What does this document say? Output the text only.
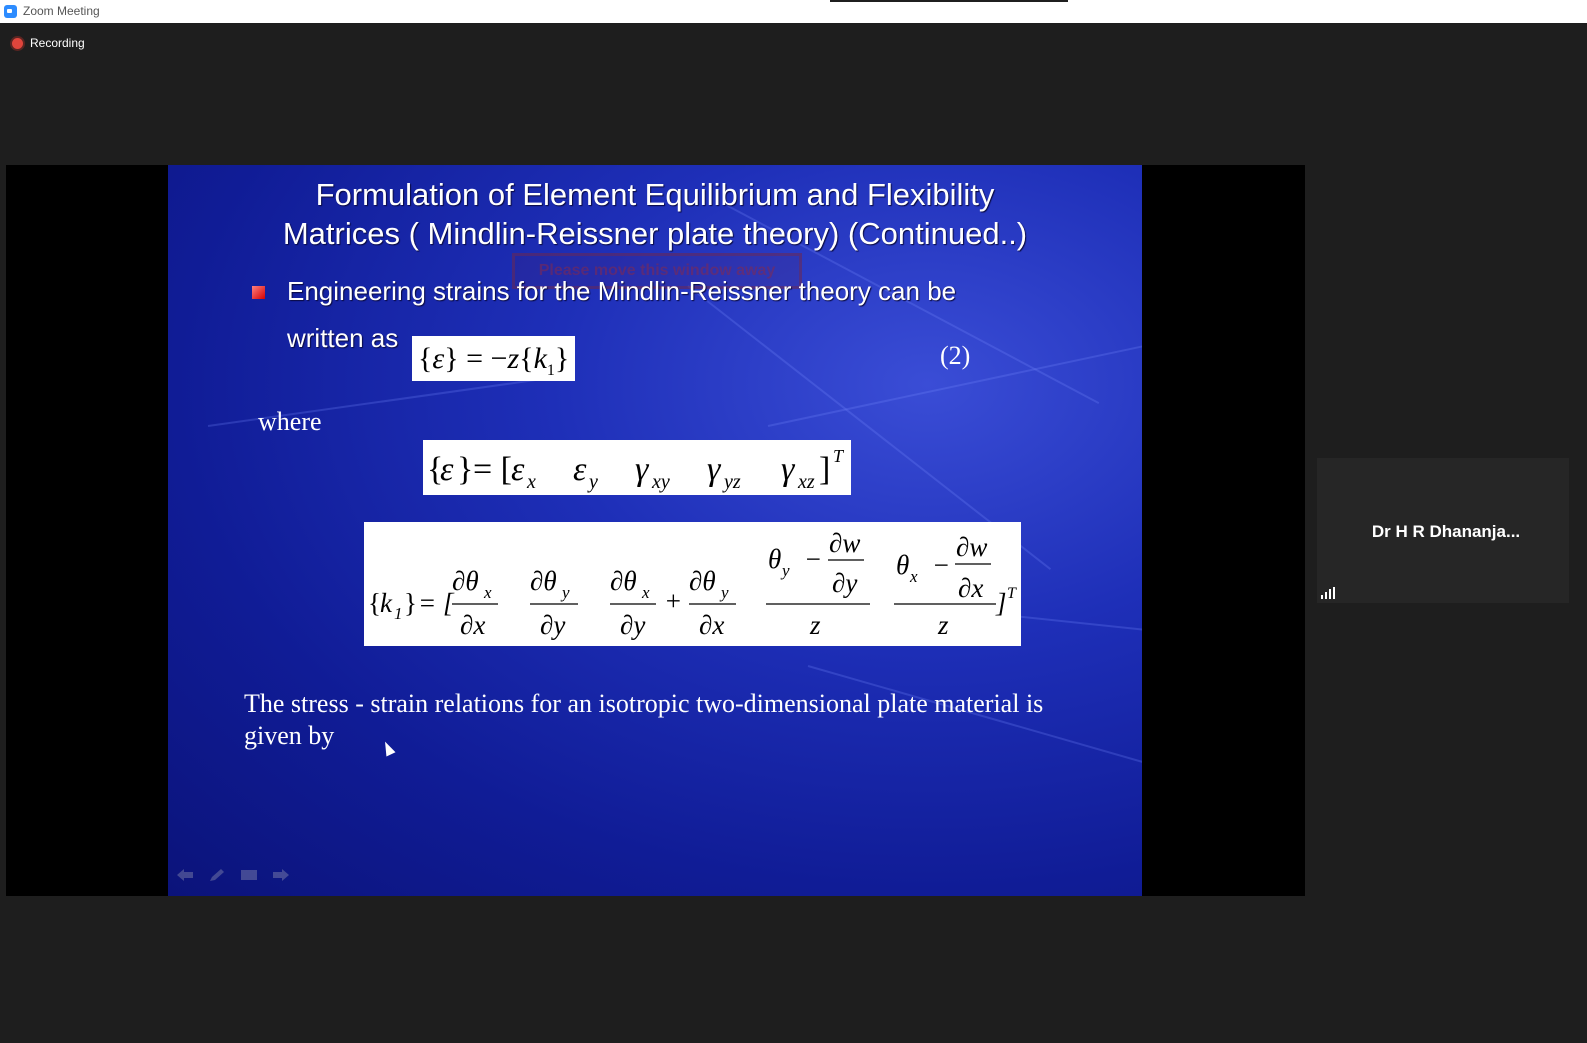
Zoom Meeting
Recording
Formulation of Element Equilibrium and Flexibility
Matrices ( Mindlin-Reissner plate theory) (Continued..)
Please move this window away
Engineering strains for the Mindlin-Reissner theory can be
written as
$\{\varepsilon\} = -z\{k_1\}$	(2)
where
{
ε } = [ ε x ε y γ xy γ yz γ xz ] T
{ k 1 } = [
∂θ x
∂x
∂θ y
∂y
∂θ x
∂y
+
∂θ y
∂x
θ y −
∂w
∂y
z
θ x −
∂w
∂x
z
] T
The stress - strain relations for an isotropic two-dimensional plate material is given by
Dr H R Dhananja...
